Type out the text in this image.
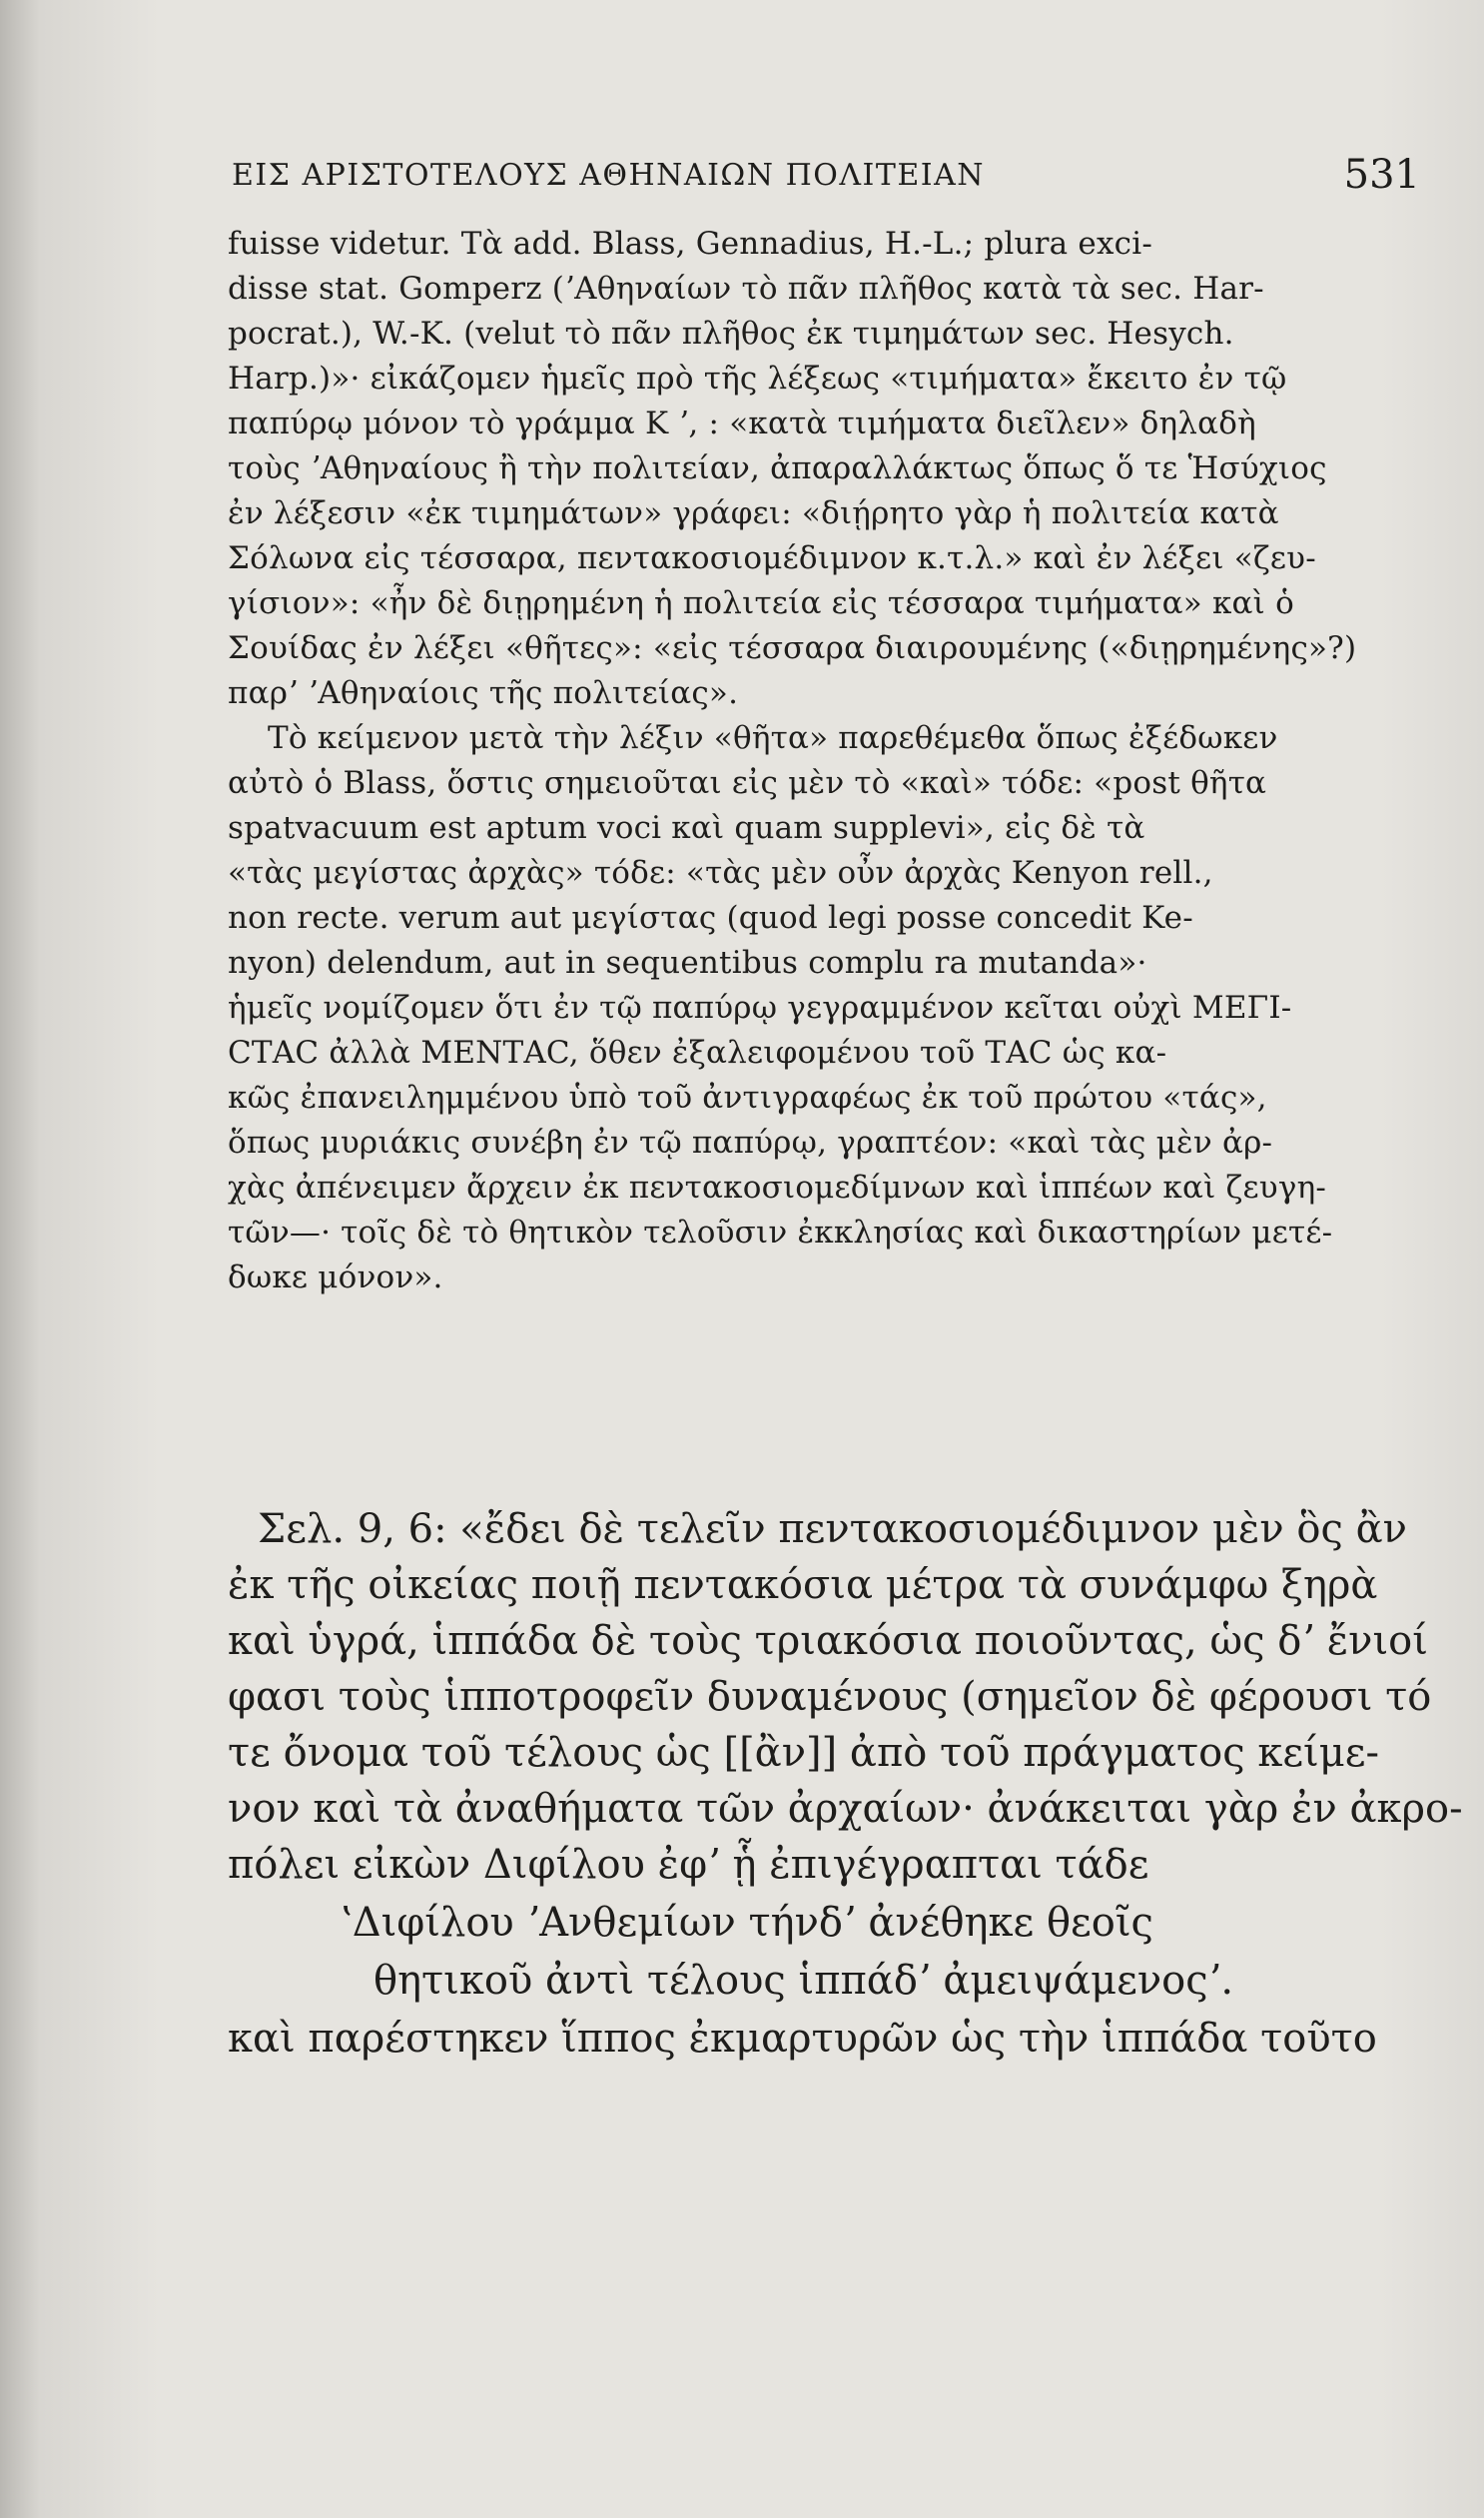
ΕΙΣ ΑΡΙΣΤΟΤΕΛΟΥΣ ΑΘΗΝΑΙΩΝ ΠΟΛΙΤΕΙΑΝ	531
fuisse videtur. Τὰ add. Blass, Gennadius, H.-L.; plura exci-
disse stat. Gomperz (ʼΑθηναίων τὸ πᾶν πλῆθος κατὰ τὰ sec. Har-
pocrat.), W.-K. (velut τὸ πᾶν πλῆθος ἐκ τιμημάτων sec. Hesych.
Harp.)»· εἰκάζομεν ἡμεῖς πρὸ τῆς λέξεως «τιμήματα» ἔκειτο ἐν τῷ
παπύρῳ μόνον τὸ γράμμα Κ ʼ, : «κατὰ τιμήματα διεῖλεν» δηλαδὴ
τοὺς ʼΑθηναίους ἢ τὴν πολιτείαν, ἀπαραλλάκτως ὅπως ὅ τε Ἡσύχιος
ἐν λέξεσιν «ἐκ τιμημάτων» γράφει: «διῄρητο γὰρ ἡ πολιτεία κατὰ
Σόλωνα εἰς τέσσαρα, πεντακοσιομέδιμνον κ.τ.λ.» καὶ ἐν λέξει «ζευ-
γίσιον»: «ἦν δὲ διῃρημένη ἡ πολιτεία εἰς τέσσαρα τιμήματα» καὶ ὁ
Σουίδας ἐν λέξει «θῆτες»: «εἰς τέσσαρα διαιρουμένης («διῃρημένης»?)
παρʼ ʼΑθηναίοις τῆς πολιτείας».
Τὸ κείμενον μετὰ τὴν λέξιν «θῆτα» παρεθέμεθα ὅπως ἐξέδωκεν
αὐτὸ ὁ Blass, ὅστις σημειοῦται εἰς μὲν τὸ «καὶ» τόδε: «post θῆτα
spatvacuum est aptum voci καὶ quam supplevi», εἰς δὲ τὰ
«τὰς μεγίστας ἀρχὰς» τόδε: «τὰς μὲν οὖν ἀρχὰς Kenyon rell.,
non recte. verum aut μεγίστας (quod legi posse concedit Ke-
nyon) delendum, aut in sequentibus complu ra mutanda»·
ἡμεῖς νομίζομεν ὅτι ἐν τῷ παπύρῳ γεγραμμένον κεῖται οὐχὶ ΜΕΓΙ-
CΤΑC ἀλλὰ ΜΕΝΤΑC, ὅθεν ἐξαλειφομένου τοῦ ΤΑC ὡς κα-
κῶς ἐπανειλημμένου ὑπὸ τοῦ ἀντιγραφέως ἐκ τοῦ πρώτου «τάς»,
ὅπως μυριάκις συνέβη ἐν τῷ παπύρῳ, γραπτέον: «καὶ τὰς μὲν ἀρ-
χὰς ἀπένειμεν ἄρχειν ἐκ πεντακοσιομεδίμνων καὶ ἱππέων καὶ ζευγη-
τῶν—· τοῖς δὲ τὸ θητικὸν τελοῦσιν ἐκκλησίας καὶ δικαστηρίων μετέ-
δωκε μόνον».
Σελ. 9, 6: «ἔδει δὲ τελεῖν πεντακοσιομέδιμνον μὲν ὃς ἂν
ἐκ τῆς οἰκείας ποιῇ πεντακόσια μέτρα τὰ συνάμφω ξηρὰ
καὶ ὑγρά, ἱππάδα δὲ τοὺς τριακόσια ποιοῦντας, ὡς δʼ ἔνιοί
φασι τοὺς ἱπποτροφεῖν δυναμένους (σημεῖον δὲ φέρουσι τό
τε ὄνομα τοῦ τέλους ὡς [[ἂν]] ἀπὸ τοῦ πράγματος κείμε-
νον καὶ τὰ ἀναθήματα τῶν ἀρχαίων· ἀνάκειται γὰρ ἐν ἀκρο-
πόλει εἰκὼν Διφίλου ἐφʼ ᾗ ἐπιγέγραπται τάδε
ʽΔιφίλου ʼΑνθεμίων τήνδʼ ἀνέθηκε θεοῖς
θητικοῦ ἀντὶ τέλους ἱππάδʼ ἀμειψάμενοςʼ.
καὶ παρέστηκεν ἵππος ἐκμαρτυρῶν ὡς τὴν ἱππάδα τοῦτο
